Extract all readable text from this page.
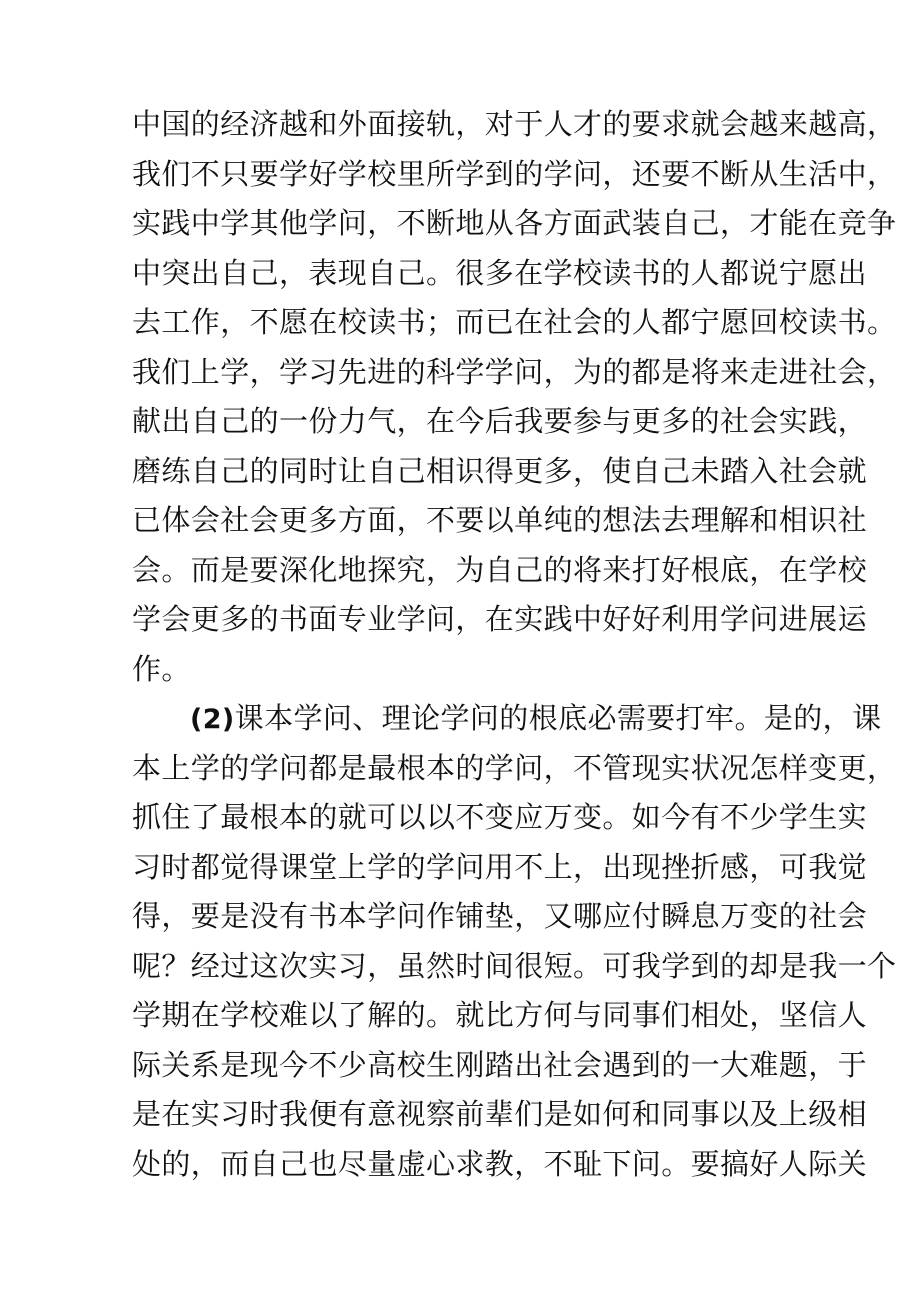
中国的经济越和外面接轨，对于人才的要求就会越来越高，
我们不只要学好学校里所学到的学问，还要不断从生活中，
实践中学其他学问，不断地从各方面武装自己，才能在竞争
中突出自己，表现自己。很多在学校读书的人都说宁愿出
去工作，不愿在校读书；而已在社会的人都宁愿回校读书。
我们上学，学习先进的科学学问，为的都是将来走进社会，
献出自己的一份力气，在今后我要参与更多的社会实践，
磨练自己的同时让自己相识得更多，使自己未踏入社会就
已体会社会更多方面，不要以单纯的想法去理解和相识社
会。而是要深化地探究，为自己的将来打好根底，在学校
学会更多的书面专业学问，在实践中好好利用学问进展运
作。
(2)课本学问、理论学问的根底必需要打牢。是的，课
本上学的学问都是最根本的学问，不管现实状况怎样变更，
抓住了最根本的就可以以不变应万变。如今有不少学生实
习时都觉得课堂上学的学问用不上，出现挫折感，可我觉
得，要是没有书本学问作铺垫，又哪应付瞬息万变的社会
呢？经过这次实习，虽然时间很短。可我学到的却是我一个
学期在学校难以了解的。就比方何与同事们相处，坚信人
际关系是现今不少高校生刚踏出社会遇到的一大难题，于
是在实习时我便有意视察前辈们是如何和同事以及上级相
处的，而自己也尽量虚心求教，不耻下问。要搞好人际关
